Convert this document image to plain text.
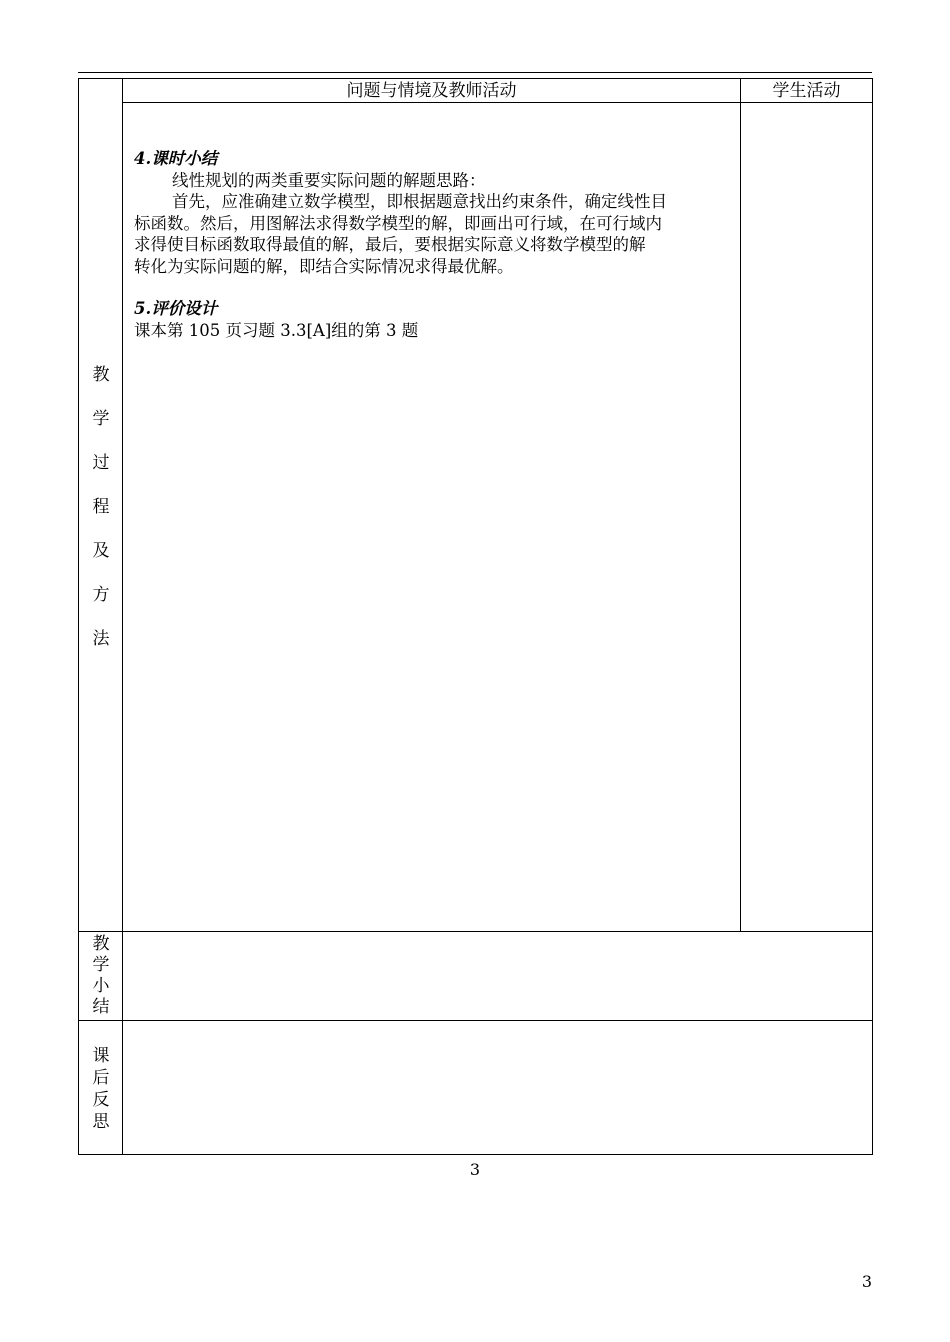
问题与情境及教师活动	学生活动
教
学
过
程
及
方
法

4.课时小结

线性规划的两类重要实际问题的解题思路：

首先，应准确建立数学模型，即根据题意找出约束条件，确定线性目

标函数。然后，用图解法求得数学模型的解，即画出可行域，在可行域内

求得使目标函数取得最值的解，最后，要根据实际意义将数学模型的解

转化为实际问题的解，即结合实际情况求得最优解。

5.评价设计

课本第 105 页习题 3.3[A]组的第 3 题

教
学
小
结
课
后
反
思
3
3
